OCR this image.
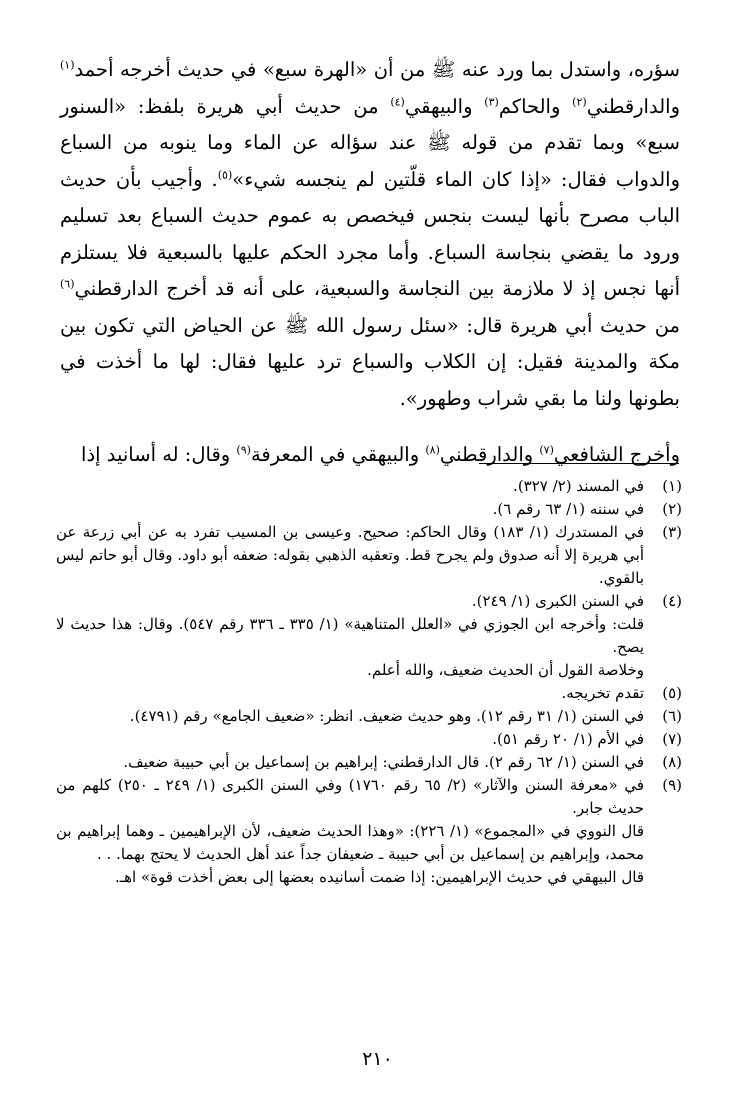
سؤره، واستدل بما ورد عنه ﷺ من أن «الهرة سبع» في حديث أخرجه أحمد$^{(١)}$ والدارقطني$^{(٢)}$ والحاكم$^{(٣)}$ والبيهقي$^{(٤)}$ من حديث أبي هريرة بلفظ: «السنور سبع» وبما تقدم من قوله ﷺ عند سؤاله عن الماء وما ينوبه من السباع والدواب فقال: «إذا كان الماء قلّتين لم ينجسه شيء»$^{(٥)}$. وأجيب بأن حديث الباب مصرح بأنها ليست بنجس فيخصص به عموم حديث السباع بعد تسليم ورود ما يقضي بنجاسة السباع. وأما مجرد الحكم عليها بالسبعية فلا يستلزم أنها نجس إذ لا ملازمة بين النجاسة والسبعية، على أنه قد أخرج الدارقطني$^{(٦)}$ من حديث أبي هريرة قال: «سئل رسول الله ﷺ عن الحياض التي تكون بين مكة والمدينة فقيل: إن الكلاب والسباع ترد عليها فقال: لها ما أخذت في بطونها ولنا ما بقي شراب وطهور».

وأخرج الشافعي$^{(٧)}$ والدارقطني$^{(٨)}$ والبيهقي في المعرفة$^{(٩)}$ وقال: له أسانيد إذا

(١)
في المسند (٢/ ٣٢٧).
(٢)
في سننه (١/ ٦٣ رقم ٦).
(٣)
في المستدرك (١/ ١٨٣) وقال الحاكم: صحيح. وعيسى بن المسيب تفرد به عن أبي زرعة عن أبي هريرة إلا أنه صدوق ولم يجرح قط. وتعقبه الذهبي بقوله: ضعفه أبو داود. وقال أبو حاتم ليس بالقوي.
(٤)
في السنن الكبرى (١/ ٢٤٩).
قلت: وأخرجه ابن الجوزي في «العلل المتناهية» (١/ ٣٣٥ ـ ٣٣٦ رقم ٥٤٧). وقال: هذا حديث لا يصح.
وخلاصة القول أن الحديث ضعيف، والله أعلم.
(٥)
تقدم تخريجه.
(٦)
في السنن (١/ ٣١ رقم ١٢). وهو حديث ضعيف. انظر: «ضعيف الجامع» رقم (٤٧٩١).
(٧)
في الأم (١/ ٢٠ رقم ٥١).
(٨)
في السنن (١/ ٦٢ رقم ٢). قال الدارقطني: إبراهيم بن إسماعيل بن أبي حبيبة ضعيف.
(٩)
في «معرفة السنن والآثار» (٢/ ٦٥ رقم ١٧٦٠) وفي السنن الكبرى (١/ ٢٤٩ ـ ٢٥٠) كلهم من حديث جابر.
قال النووي في «المجموع» (١/ ٢٢٦): «وهذا الحديث ضعيف، لأن الإبراهيمين ـ وهما إبراهيم بن محمد، وإبراهيم بن إسماعيل بن أبي حبيبة ـ ضعيفان جداً عند أهل الحديث لا يحتج بهما. . .
قال البيهقي في حديث الإبراهيمين: إذا ضمت أسانيده بعضها إلى بعض أخذت قوة» اهـ.
٢١٠
